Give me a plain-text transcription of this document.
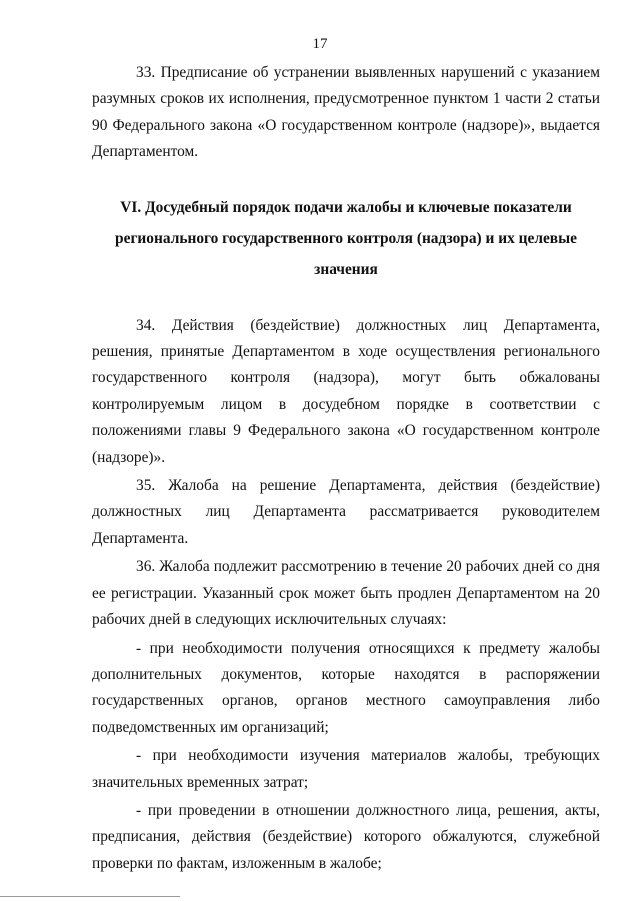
17

33. Предписание об устранении выявленных нарушений с указанием разумных сроков их исполнения, предусмотренное пунктом 1 части 2 статьи 90 Федерального закона «О государственном контроле (надзоре)», выдается Департаментом.

VI. Досудебный порядок подачи жалобы и ключевые показатели регионального государственного контроля (надзора) и их целевые значения

34. Действия (бездействие) должностных лиц Департамента, решения, принятые Департаментом в ходе осуществления регионального государственного контроля (надзора), могут быть обжалованы контролируемым лицом в досудебном порядке в соответствии с положениями главы 9 Федерального закона «О государственном контроле (надзоре)».

35. Жалоба на решение Департамента, действия (бездействие) должностных лиц Департамента рассматривается руководителем Департамента.

36. Жалоба подлежит рассмотрению в течение 20 рабочих дней со дня ее регистрации. Указанный срок может быть продлен Департаментом на 20 рабочих дней в следующих исключительных случаях:

- при необходимости получения относящихся к предмету жалобы дополнительных документов, которые находятся в распоряжении государственных органов, органов местного самоуправления либо подведомственных им организаций;

- при необходимости изучения материалов жалобы, требующих значительных временных затрат;

- при проведении в отношении должностного лица, решения, акты, предписания, действия (бездействие) которого обжалуются, служебной проверки по фактам, изложенным в жалобе;
